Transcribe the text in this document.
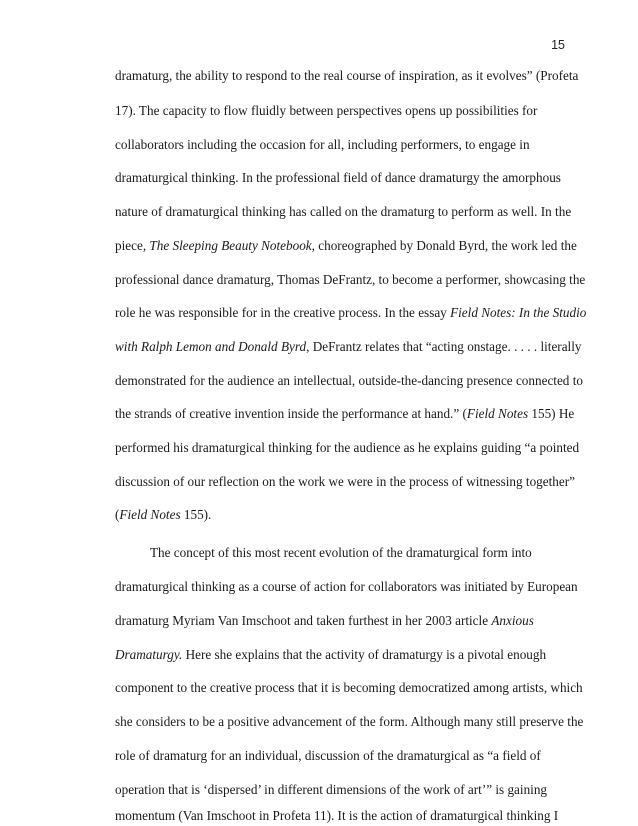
15
dramaturg, the ability to respond to the real course of inspiration, as it evolves” (Profeta
17). The capacity to flow fluidly between perspectives opens up possibilities for
collaborators including the occasion for all, including performers, to engage in
dramaturgical thinking. In the professional field of dance dramaturgy the amorphous
nature of dramaturgical thinking has called on the dramaturg to perform as well. In the
piece, The Sleeping Beauty Notebook, choreographed by Donald Byrd, the work led the
professional dance dramaturg, Thomas DeFrantz, to become a performer, showcasing the
role he was responsible for in the creative process. In the essay Field Notes: In the Studio
with Ralph Lemon and Donald Byrd, DeFrantz relates that “acting onstage. . . . . literally
demonstrated for the audience an intellectual, outside-the-dancing presence connected to
the strands of creative invention inside the performance at hand.” (Field Notes 155) He
performed his dramaturgical thinking for the audience as he explains guiding “a pointed
discussion of our reflection on the work we were in the process of witnessing together”
(Field Notes 155).
The concept of this most recent evolution of the dramaturgical form into
dramaturgical thinking as a course of action for collaborators was initiated by European
dramaturg Myriam Van Imschoot and taken furthest in her 2003 article Anxious
Dramaturgy. Here she explains that the activity of dramaturgy is a pivotal enough
component to the creative process that it is becoming democratized among artists, which
she considers to be a positive advancement of the form. Although many still preserve the
role of dramaturg for an individual, discussion of the dramaturgical as “a field of
operation that is ‘dispersed’ in different dimensions of the work of art’” is gaining
momentum (Van Imschoot in Profeta 11). It is the action of dramaturgical thinking I
